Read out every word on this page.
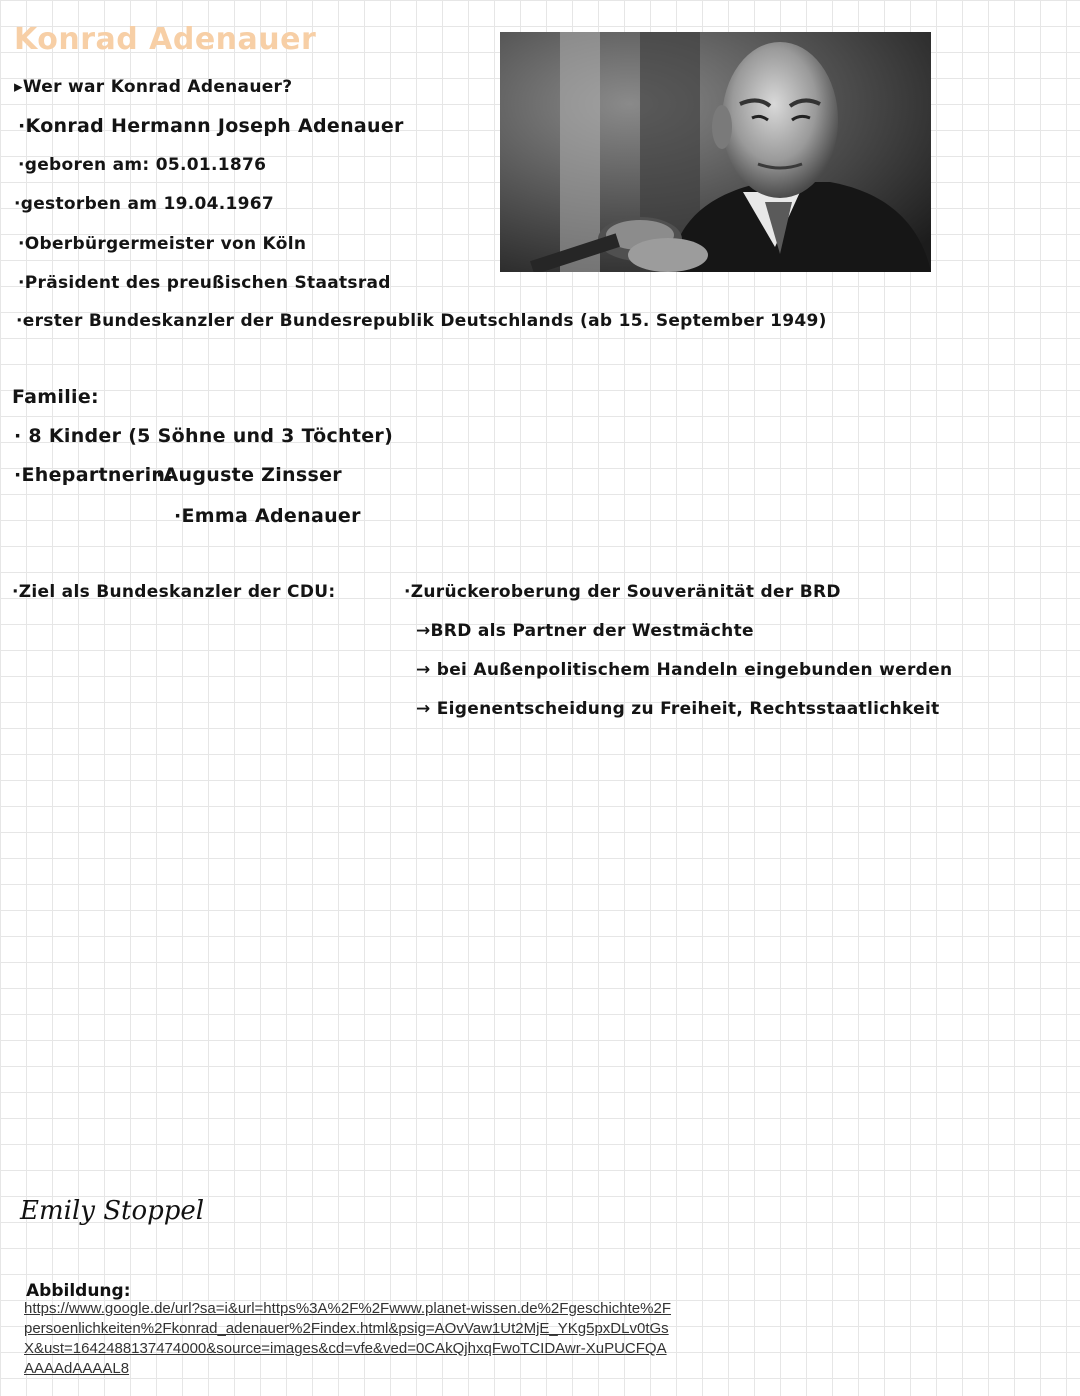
Konrad Adenauer
▸Wer war Konrad Adenauer?
·Konrad Hermann Joseph Adenauer
·geboren am: 05.01.1876
·gestorben am 19.04.1967
·Oberbürgermeister von Köln
·Präsident des preußischen Staatsrad
·erster Bundeskanzler der Bundesrepublik Deutschlands (ab 15. September 1949)
Familie:
· 8 Kinder (5 Söhne und 3 Töchter)
·Ehepartnerin:
·Auguste Zinsser
·Emma Adenauer
·Ziel als Bundeskanzler der CDU:	·Zurückeroberung der Souveränität der BRD
→BRD als Partner der Westmächte
→ bei Außenpolitischem Handeln eingebunden werden
→ Eigenentscheidung zu Freiheit, Rechtsstaatlichkeit
Emily Stoppel
Abbildung:
https://www.google.de/url?sa=i&url=https%3A%2F%2Fwww.planet-wissen.de%2Fgeschichte%2Fpersoenlichkeiten%2Fkonrad_adenauer%2Findex.html&psig=AOvVaw1Ut2MjE_YKg5pxDLv0tGsX&ust=1642488137474000&source=images&cd=vfe&ved=0CAkQjhxqFwoTCIDAwr-XuPUCFQAAAAAdAAAAL8
